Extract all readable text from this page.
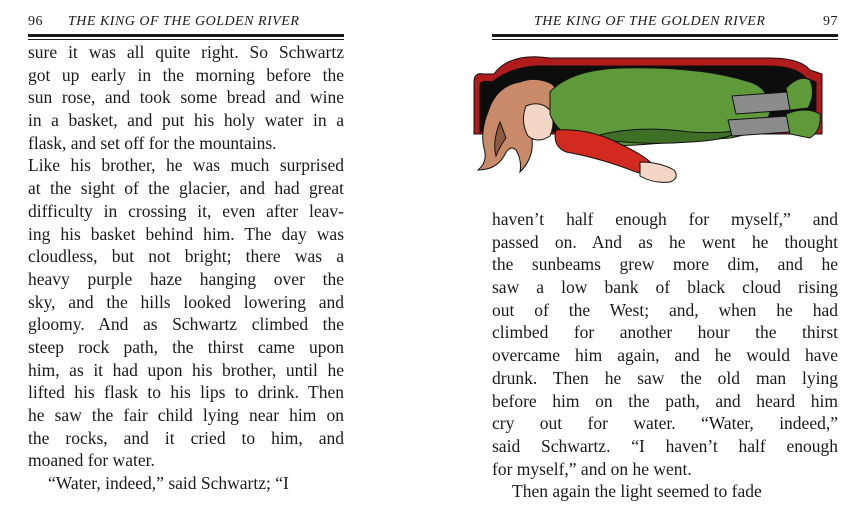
96 THE KING OF THE GOLDEN RIVER
sure it was all quite right. So Schwartz
got up early in the morning before the
sun rose, and took some bread and wine
in a basket, and put his holy water in a
flask, and set off for the mountains.
Like his brother, he was much surprised
at the sight of the glacier, and had great
difficulty in crossing it, even after leav-
ing his basket behind him. The day was
cloudless, but not bright; there was a
heavy purple haze hanging over the
sky, and the hills looked lowering and
gloomy. And as Schwartz climbed the
steep rock path, the thirst came upon
him, as it had upon his brother, until he
lifted his flask to his lips to drink. Then
he saw the fair child lying near him on
the rocks, and it cried to him, and
moaned for water.
“Water, indeed,” said Schwartz; “I
THE KING OF THE GOLDEN RIVER	97
haven’t half enough for myself,” and
passed on. And as he went he thought
the sunbeams grew more dim, and he
saw a low bank of black cloud rising
out of the West; and, when he had
climbed for another hour the thirst
overcame him again, and he would have
drunk. Then he saw the old man lying
before him on the path, and heard him
cry out for water. “Water, indeed,”
said Schwartz. “I haven’t half enough
for myself,” and on he went.
Then again the light seemed to fade
